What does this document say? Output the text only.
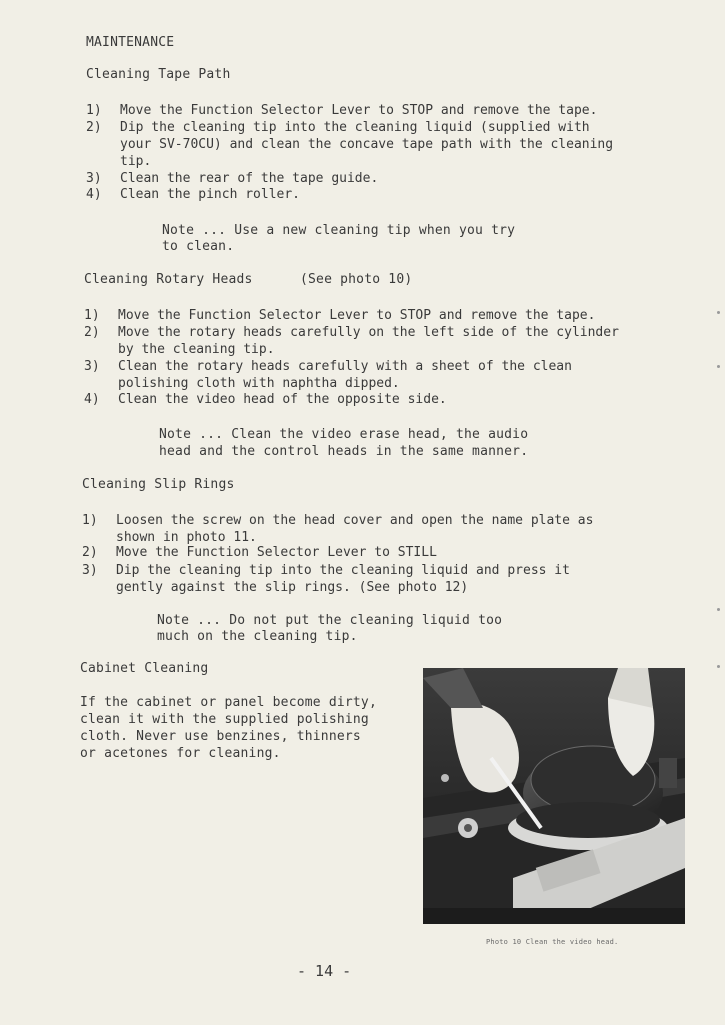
MAINTENANCE
Cleaning Tape Path
1) Move the Function Selector Lever to STOP and remove the tape.
2) Dip the cleaning tip into the cleaning liquid (supplied with
your SV-70CU) and clean the concave tape path with the cleaning
tip.
3) Clean the rear of the tape guide.
4) Clean the pinch roller.
Note ... Use a new cleaning tip when you try
to clean.
Cleaning Rotary Heads	(See photo 10)
1) Move the Function Selector Lever to STOP and remove the tape.
2) Move the rotary heads carefully on the left side of the cylinder
by the cleaning tip.
3) Clean the rotary heads carefully with a sheet of the clean
polishing cloth with naphtha dipped.
4) Clean the video head of the opposite side.
Note ... Clean the video erase head, the audio
head and the control heads in the same manner.
Cleaning Slip Rings
1) Loosen the screw on the head cover and open the name plate as
shown in photo 11.
2) Move the Function Selector Lever to STILL
3) Dip the cleaning tip into the cleaning liquid and press it
gently against the slip rings. (See photo 12)
Note ... Do not put the cleaning liquid too
much on the cleaning tip.
Cabinet Cleaning
If the cabinet or panel become dirty,
clean it with the supplied polishing
cloth. Never use benzines, thinners
or acetones for cleaning.
Photo 10 Clean the video head.
- 14 -
